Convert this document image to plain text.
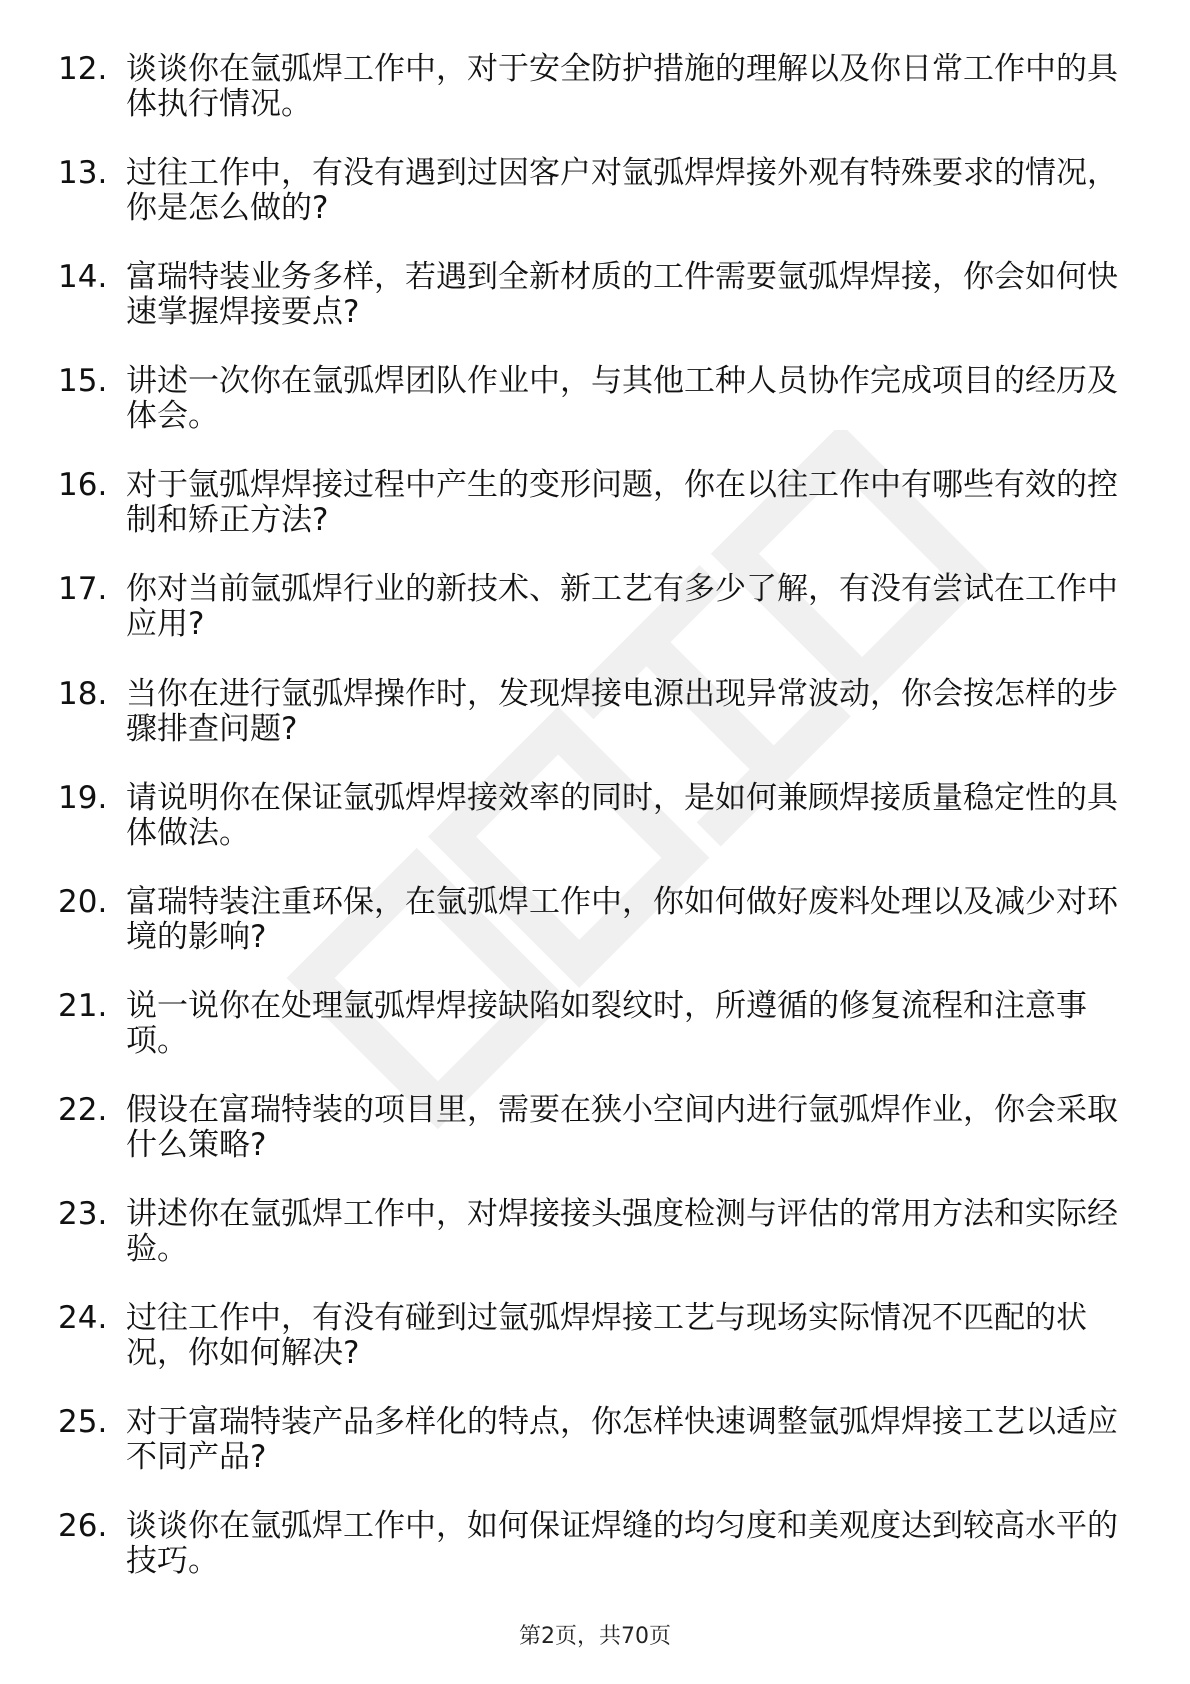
12. 谈谈你在氩弧焊工作中，对于安全防护措施的理解以及你日常工作中的具体执行情况。
13. 过往工作中，有没有遇到过因客户对氩弧焊焊接外观有特殊要求的情况，你是怎么做的?
14. 富瑞特装业务多样，若遇到全新材质的工件需要氩弧焊焊接，你会如何快速掌握焊接要点?
15. 讲述一次你在氩弧焊团队作业中，与其他工种人员协作完成项目的经历及体会。
16. 对于氩弧焊焊接过程中产生的变形问题，你在以往工作中有哪些有效的控制和矫正方法?
17. 你对当前氩弧焊行业的新技术、新工艺有多少了解，有没有尝试在工作中应用?
18. 当你在进行氩弧焊操作时，发现焊接电源出现异常波动，你会按怎样的步骤排查问题?
19. 请说明你在保证氩弧焊焊接效率的同时，是如何兼顾焊接质量稳定性的具体做法。
20. 富瑞特装注重环保，在氩弧焊工作中，你如何做好废料处理以及减少对环境的影响?
21. 说一说你在处理氩弧焊焊接缺陷如裂纹时，所遵循的修复流程和注意事项。
22. 假设在富瑞特装的项目里，需要在狭小空间内进行氩弧焊作业，你会采取什么策略?
23. 讲述你在氩弧焊工作中，对焊接接头强度检测与评估的常用方法和实际经验。
24. 过往工作中，有没有碰到过氩弧焊焊接工艺与现场实际情况不匹配的状况，你如何解决?
25. 对于富瑞特装产品多样化的特点，你怎样快速调整氩弧焊焊接工艺以适应不同产品?
26. 谈谈你在氩弧焊工作中，如何保证焊缝的均匀度和美观度达到较高水平的技巧。
第2页，共70页
